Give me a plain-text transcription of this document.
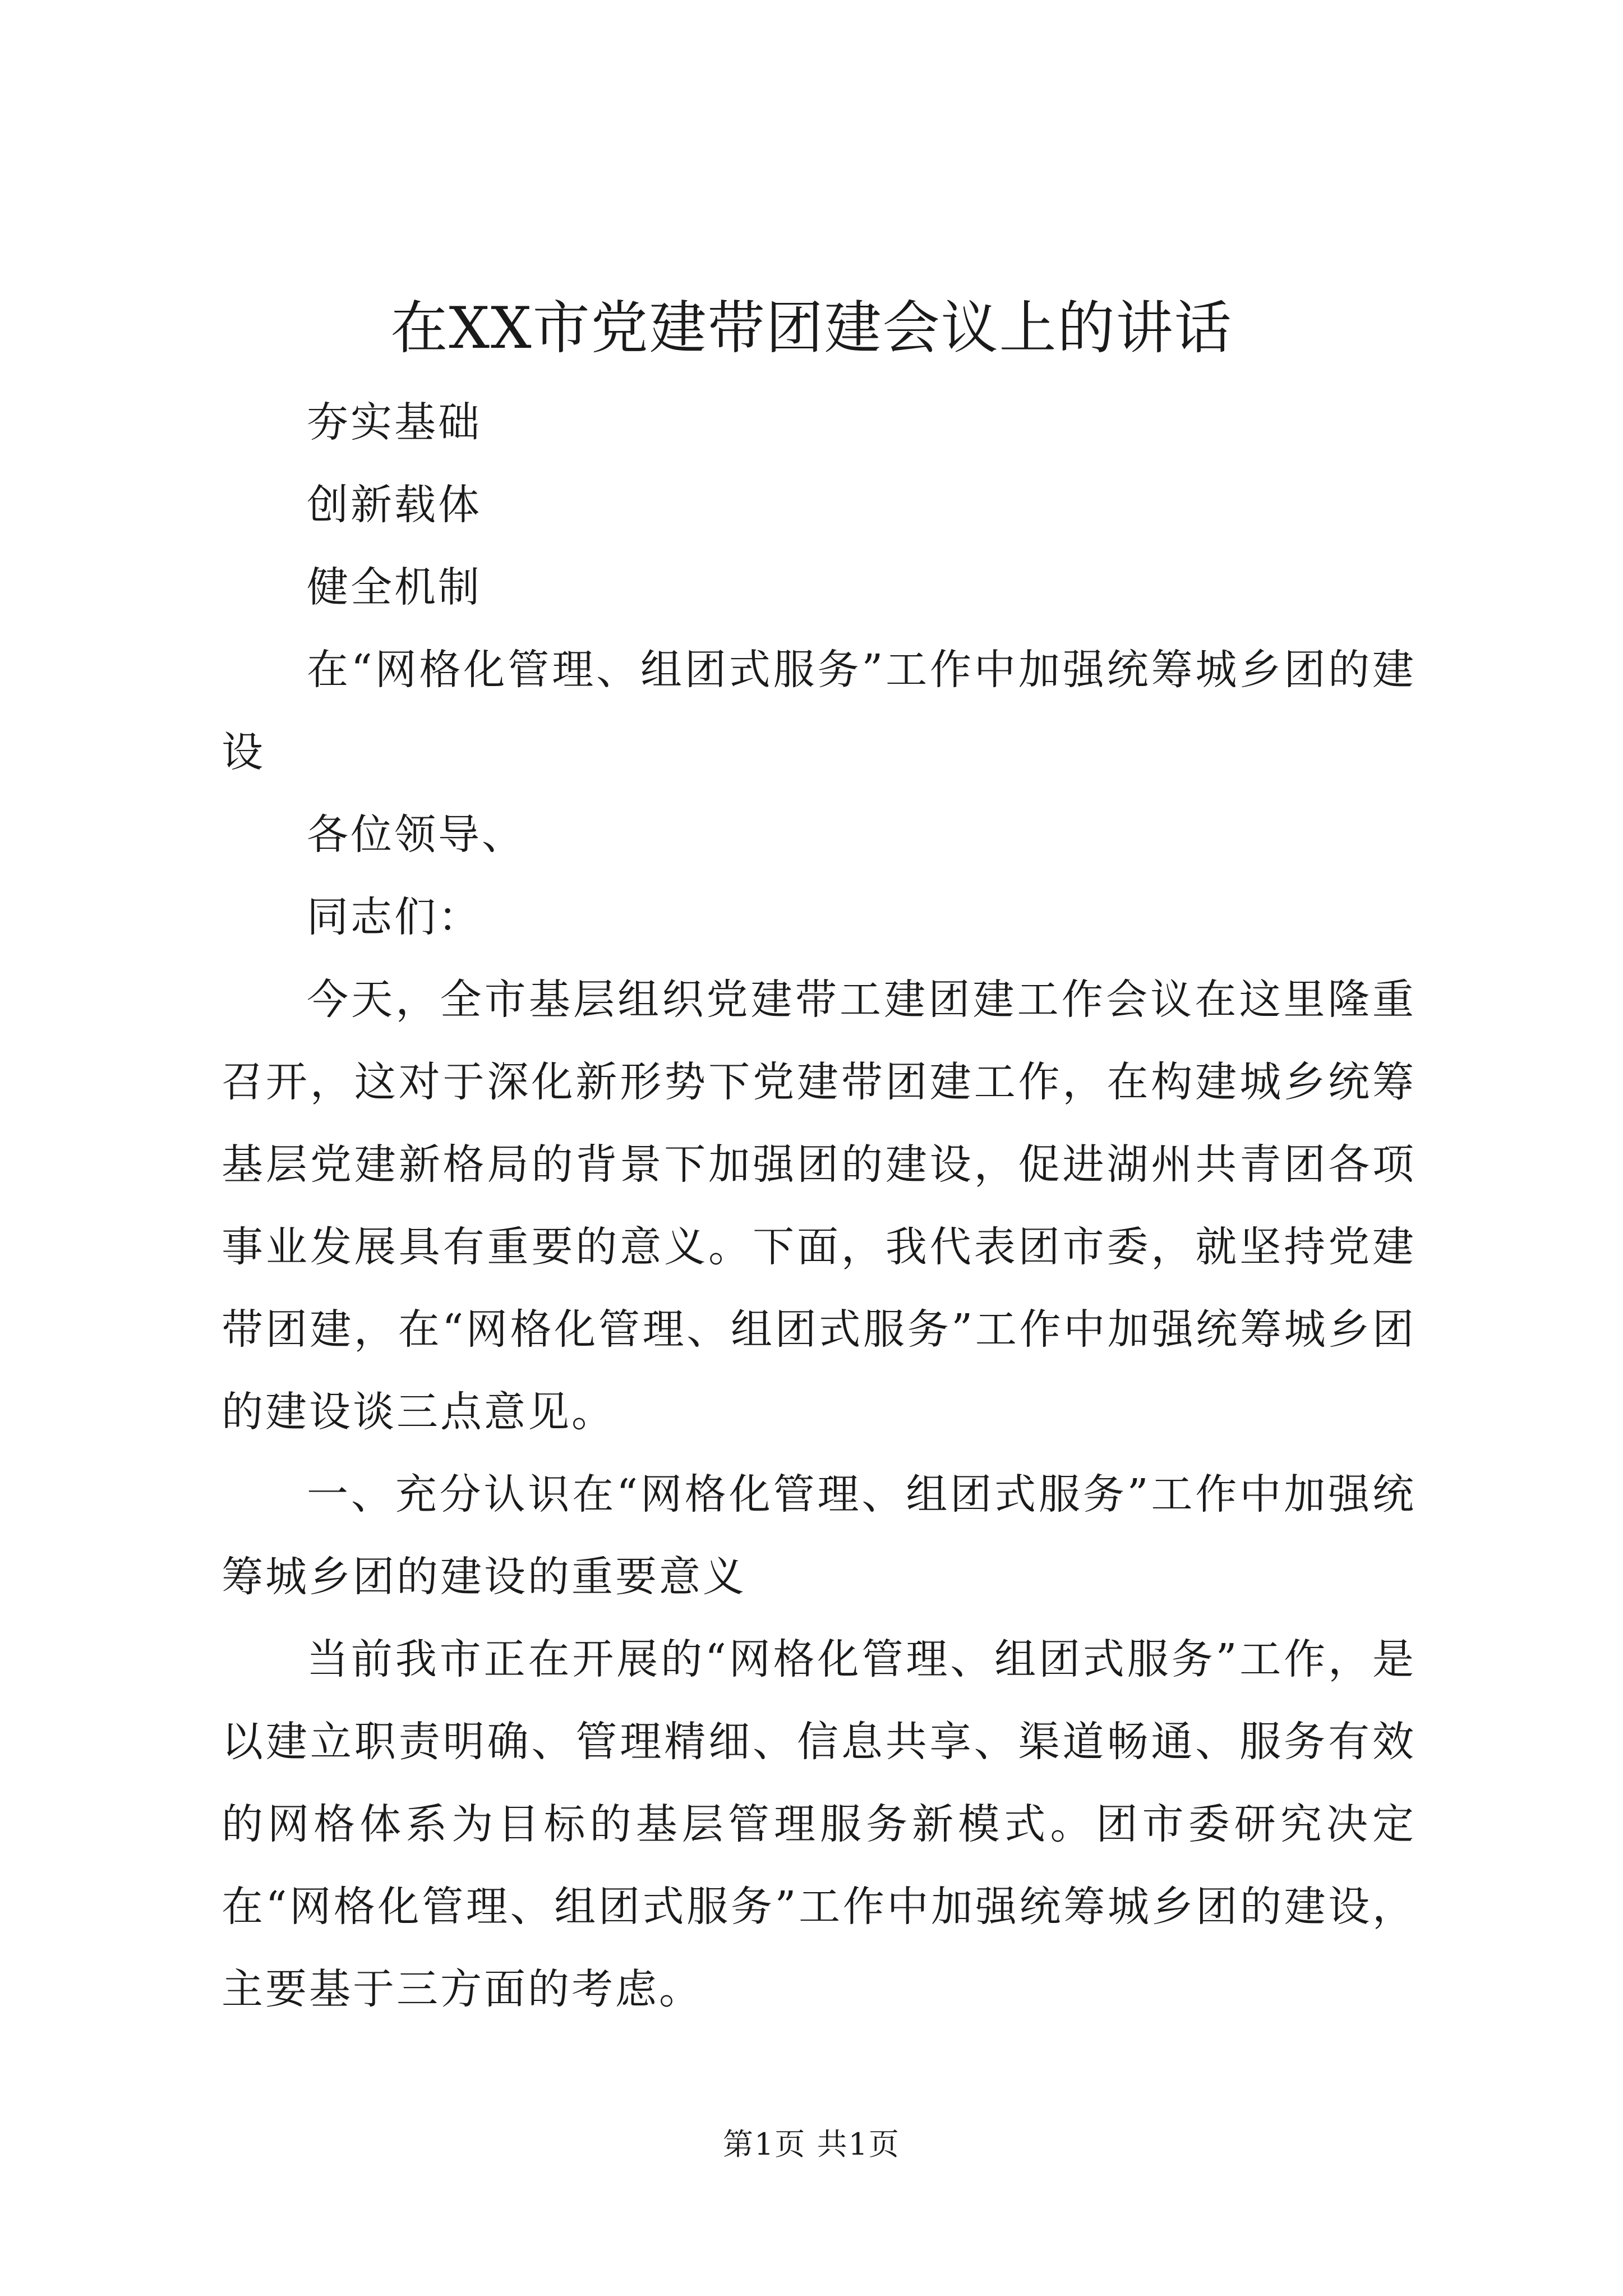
在XX市党建带团建会议上的讲话

夯实基础

创新载体

健全机制

在“网格化管理、组团式服务”工作中加强统筹城乡团的建设

各位领导、

同志们：

今天，全市基层组织党建带工建团建工作会议在这里隆重召开，这对于深化新形势下党建带团建工作，在构建城乡统筹基层党建新格局的背景下加强团的建设，促进湖州共青团各项事业发展具有重要的意义。下面，我代表团市委，就坚持党建带团建，在“网格化管理、组团式服务”工作中加强统筹城乡团的建设谈三点意见。

一、充分认识在“网格化管理、组团式服务”工作中加强统筹城乡团的建设的重要意义

当前我市正在开展的“网格化管理、组团式服务”工作，是以建立职责明确、管理精细、信息共享、渠道畅通、服务有效的网格体系为目标的基层管理服务新模式。团市委研究决定在“网格化管理、组团式服务”工作中加强统筹城乡团的建设，主要基于三方面的考虑。

第1页 共1页
